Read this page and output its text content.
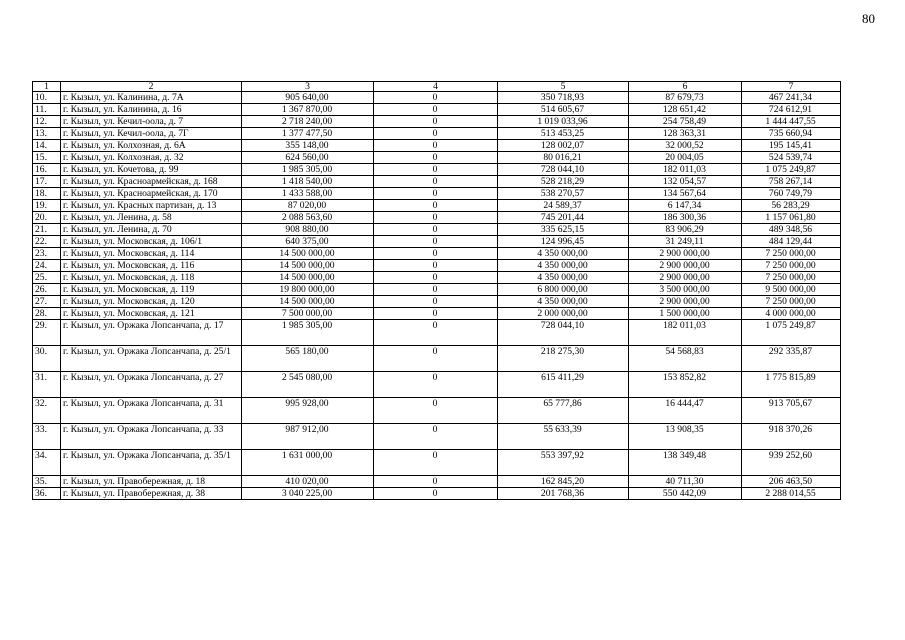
80
1	2	3	4	5	6	7
10.	г. Кызыл, ул. Калинина, д. 7А	905 640,00	0	350 718,93	87 679,73	467 241,34
11.	г. Кызыл, ул. Калинина, д. 16	1 367 870,00	0	514 605,67	128 651,42	724 612,91
12.	г. Кызыл, ул. Кечил-оола, д. 7	2 718 240,00	0	1 019 033,96	254 758,49	1 444 447,55
13.	г. Кызыл, ул. Кечил-оола, д. 7Г	1 377 477,50	0	513 453,25	128 363,31	735 660,94
14.	г. Кызыл, ул. Колхозная, д. 6А	355 148,00	0	128 002,07	32 000,52	195 145,41
15.	г. Кызыл, ул. Колхозная, д. 32	624 560,00	0	80 016,21	20 004,05	524 539,74
16.	г. Кызыл, ул. Кочетова, д. 99	1 985 305,00	0	728 044,10	182 011,03	1 075 249,87
17.	г. Кызыл, ул. Красноармейская, д. 168	1 418 540,00	0	528 218,29	132 054,57	758 267,14
18.	г. Кызыл, ул. Красноармейская, д. 170	1 433 588,00	0	538 270,57	134 567,64	760 749,79
19.	г. Кызыл, ул. Красных партизан, д. 13	87 020,00	0	24 589,37	6 147,34	56 283,29
20.	г. Кызыл, ул. Ленина, д. 58	2 088 563,60	0	745 201,44	186 300,36	1 157 061,80
21.	г. Кызыл, ул. Ленина, д. 70	908 880,00	0	335 625,15	83 906,29	489 348,56
22.	г. Кызыл, ул. Московская, д. 106/1	640 375,00	0	124 996,45	31 249,11	484 129,44
23.	г. Кызыл, ул. Московская, д. 114	14 500 000,00	0	4 350 000,00	2 900 000,00	7 250 000,00
24.	г. Кызыл, ул. Московская, д. 116	14 500 000,00	0	4 350 000,00	2 900 000,00	7 250 000,00
25.	г. Кызыл, ул. Московская, д. 118	14 500 000,00	0	4 350 000,00	2 900 000,00	7 250 000,00
26.	г. Кызыл, ул. Московская, д. 119	19 800 000,00	0	6 800 000,00	3 500 000,00	9 500 000,00
27.	г. Кызыл, ул. Московская, д. 120	14 500 000,00	0	4 350 000,00	2 900 000,00	7 250 000,00
28.	г. Кызыл, ул. Московская, д. 121	7 500 000,00	0	2 000 000,00	1 500 000,00	4 000 000,00
29.	г. Кызыл, ул. Оржака Лопсанчапа, д. 17	1 985 305,00	0	728 044,10	182 011,03	1 075 249,87
30.	г. Кызыл, ул. Оржака Лопсанчапа, д. 25/1	565 180,00	0	218 275,30	54 568,83	292 335,87
31.	г. Кызыл, ул. Оржака Лопсанчапа, д. 27	2 545 080,00	0	615 411,29	153 852,82	1 775 815,89
32.	г. Кызыл, ул. Оржака Лопсанчапа, д. 31	995 928,00	0	65 777,86	16 444,47	913 705,67
33.	г. Кызыл, ул. Оржака Лопсанчапа, д. 33	987 912,00	0	55 633,39	13 908,35	918 370,26
34.	г. Кызыл, ул. Оржака Лопсанчапа, д. 35/1	1 631 000,00	0	553 397,92	138 349,48	939 252,60
35.	г. Кызыл, ул. Правобережная, д. 18	410 020,00	0	162 845,20	40 711,30	206 463,50
36.	г. Кызыл, ул. Правобережная, д. 38	3 040 225,00	0	201 768,36	550 442,09	2 288 014,55
